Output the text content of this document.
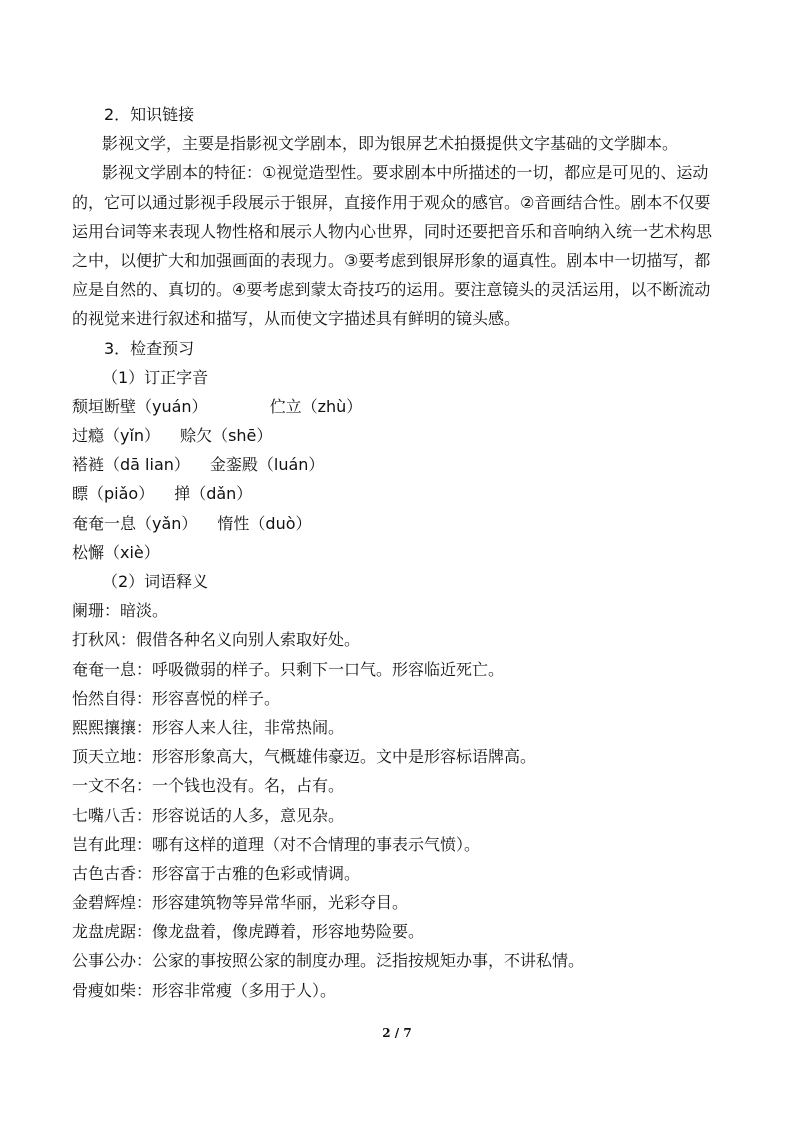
2．知识链接
影视文学，主要是指影视文学剧本，即为银屏艺术拍摄提供文字基础的文学脚本。
影视文学剧本的特征：①视觉造型性。要求剧本中所描述的一切，都应是可见的、运动
的，它可以通过影视手段展示于银屏，直接作用于观众的感官。②音画结合性。剧本不仅要
运用台词等来表现人物性格和展示人物内心世界，同时还要把音乐和音响纳入统一艺术构思
之中，以便扩大和加强画面的表现力。③要考虑到银屏形象的逼真性。剧本中一切描写，都
应是自然的、真切的。④要考虑到蒙太奇技巧的运用。要注意镜头的灵活运用，以不断流动
的视觉来进行叙述和描写，从而使文字描述具有鲜明的镜头感。
3．检查预习
（1）订正字音
颓垣断壁（yuán）	伫立（zhù）
过瘾（yǐn） 赊欠（shē）
褡裢（dā lian） 金銮殿（luán）
瞟（piǎo） 掸（dǎn）
奄奄一息（yǎn） 惰性（duò）
松懈（xiè）
（2）词语释义
阑珊：暗淡。
打秋风：假借各种名义向别人索取好处。
奄奄一息：呼吸微弱的样子。只剩下一口气。形容临近死亡。
怡然自得：形容喜悦的样子。
熙熙攘攘：形容人来人往，非常热闹。
顶天立地：形容形象高大，气概雄伟豪迈。文中是形容标语牌高。
一文不名：一个钱也没有。名，占有。
七嘴八舌：形容说话的人多，意见杂。
岂有此理：哪有这样的道理（对不合情理的事表示气愤）。
古色古香：形容富于古雅的色彩或情调。
金碧辉煌：形容建筑物等异常华丽，光彩夺目。
龙盘虎踞：像龙盘着，像虎蹲着，形容地势险要。
公事公办：公家的事按照公家的制度办理。泛指按规矩办事，不讲私情。
骨瘦如柴：形容非常瘦（多用于人）。
2 / 7
